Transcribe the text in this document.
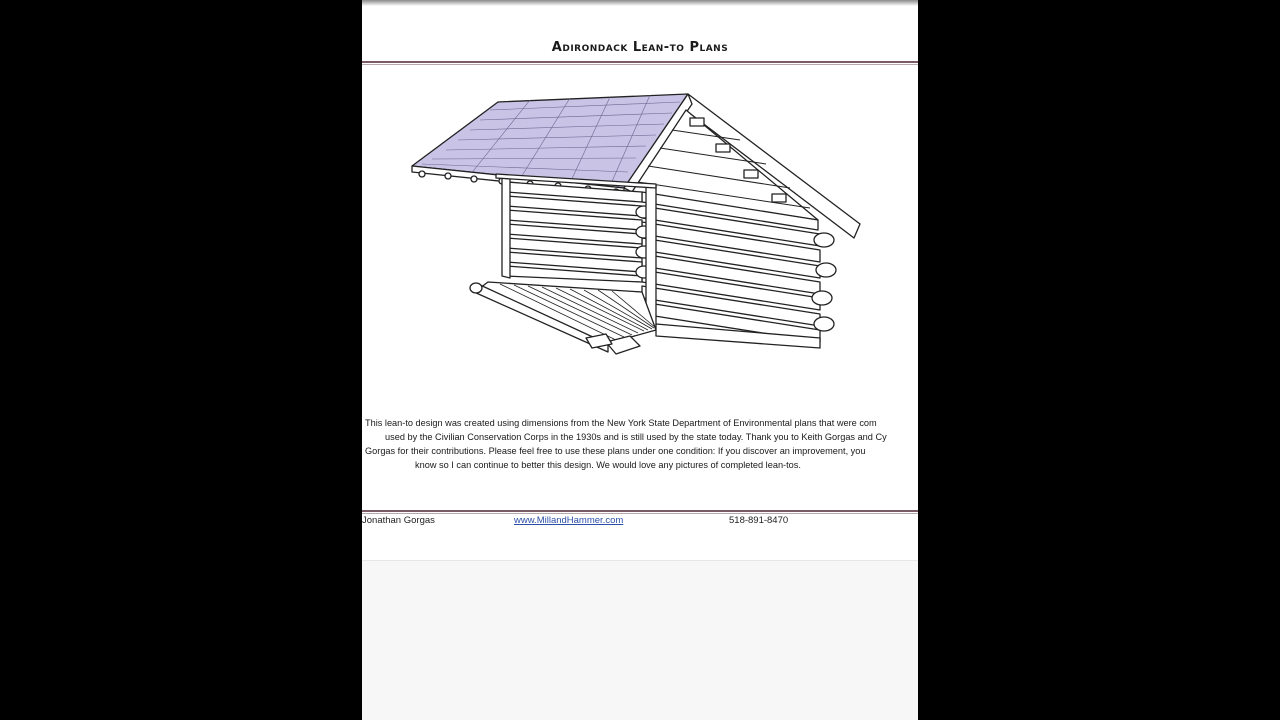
Adirondack Lean-to Plans
This lean-to design was created using dimensions from the New York State Department of Environmental plans that were com
used by the Civilian Conservation Corps in the 1930s and is still used by the state today. Thank you to Keith Gorgas and Cy
Gorgas for their contributions. Please feel free to use these plans under one condition: If you discover an improvement, you
know so I can continue to better this design. We would love any pictures of completed lean-tos.
Jonathan Gorgas	www.MillandHammer.com	518-891-8470
